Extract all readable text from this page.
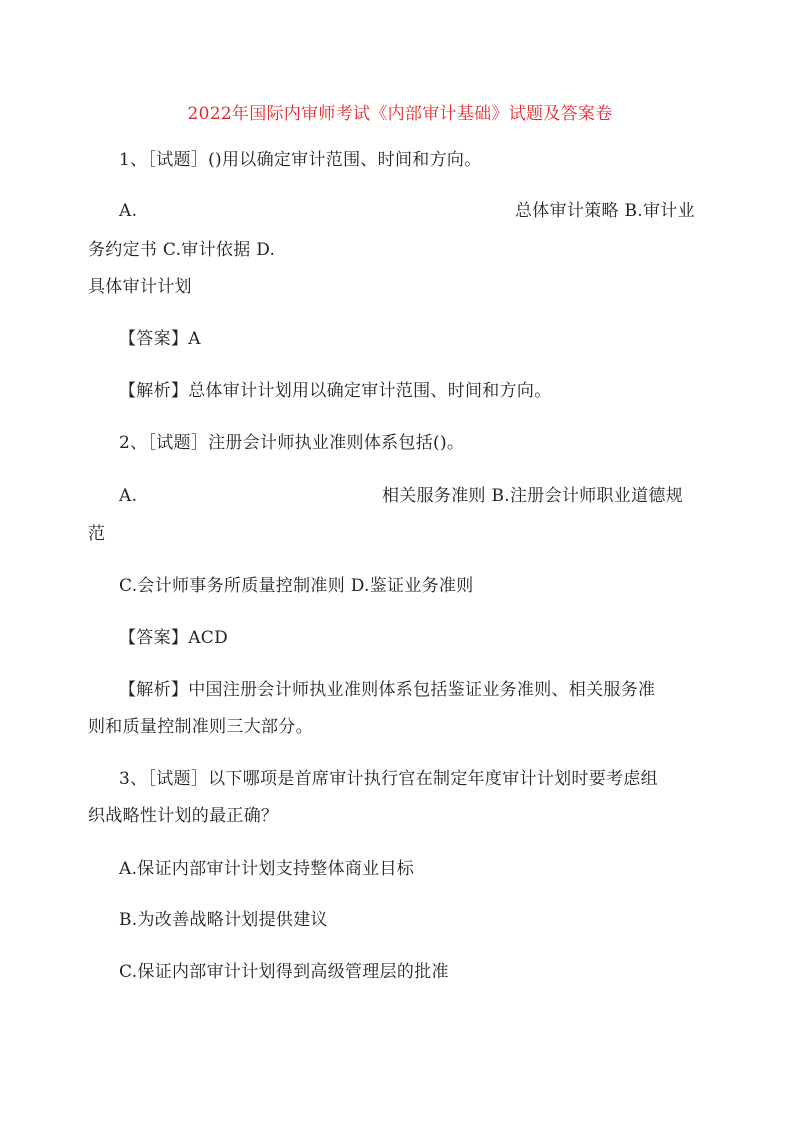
2022年国际内审师考试《内部审计基础》试题及答案卷
1、［试题］()用以确定审计范围、时间和方向。
A.	总体审计策略 B.审计业
务约定书 C.审计依据 D.
具体审计计划
【答案】A
【解析】总体审计计划用以确定审计范围、时间和方向。
2、［试题］注册会计师执业准则体系包括()。
A.	相关服务准则 B.注册会计师职业道德规
范
C.会计师事务所质量控制准则 D.鉴证业务准则
【答案】ACD
【解析】中国注册会计师执业准则体系包括鉴证业务准则、相关服务准
则和质量控制准则三大部分。
3、［试题］以下哪项是首席审计执行官在制定年度审计计划时要考虑组
织战略性计划的最正确？
A.保证内部审计计划支持整体商业目标
B.为改善战略计划提供建议
C.保证内部审计计划得到高级管理层的批准
